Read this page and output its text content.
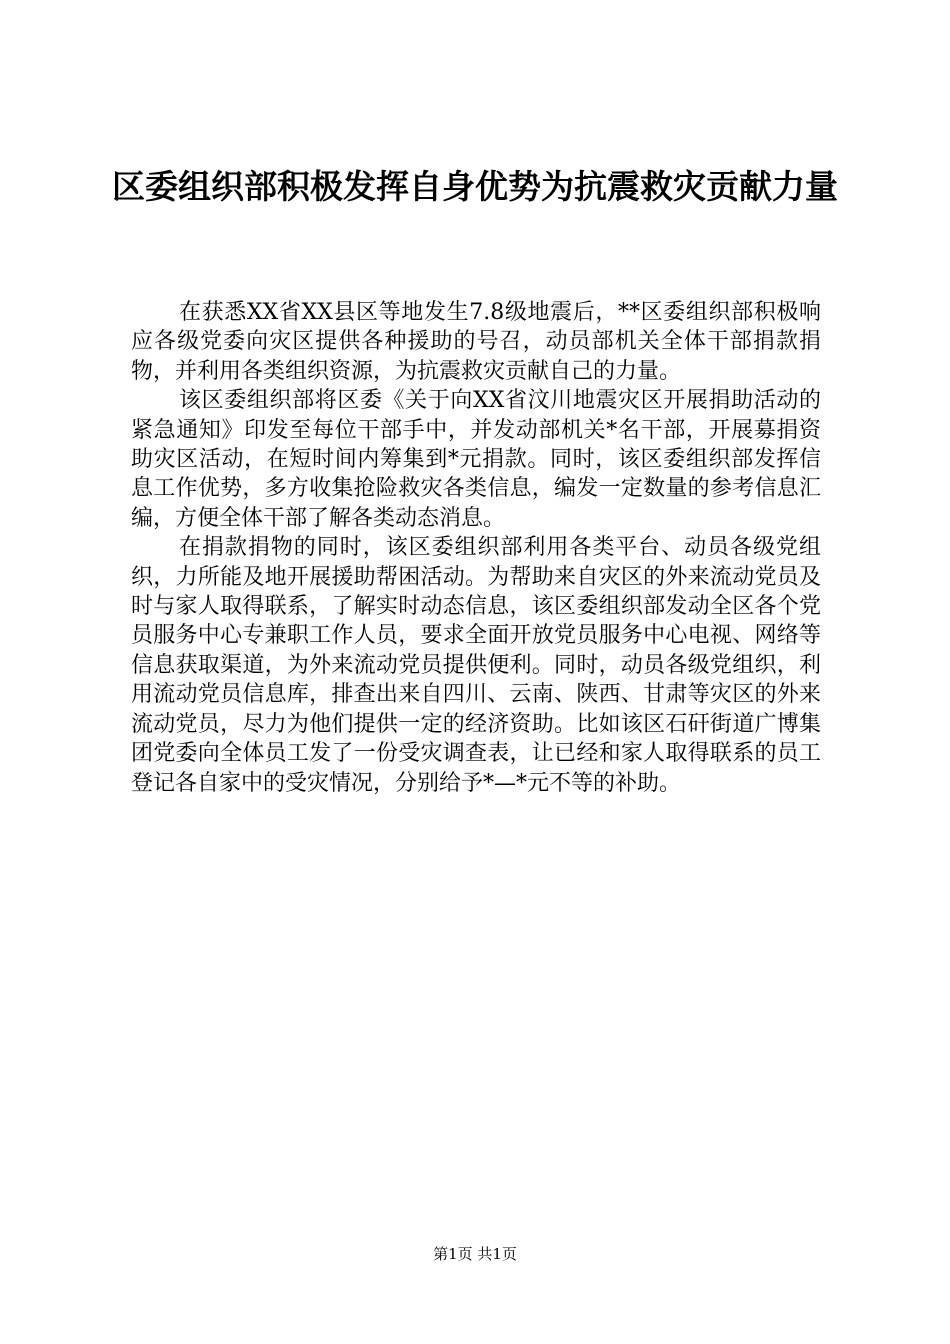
区委组织部积极发挥自身优势为抗震救灾贡献力量

在获悉XX省XX县区等地发生7.8级地震后，**区委组织部积极响应各级党委向灾区提供各种援助的号召，动员部机关全体干部捐款捐物，并利用各类组织资源，为抗震救灾贡献自己的力量。

该区委组织部将区委《关于向XX省汶川地震灾区开展捐助活动的紧急通知》印发至每位干部手中，并发动部机关*名干部，开展募捐资助灾区活动，在短时间内筹集到*元捐款。同时，该区委组织部发挥信息工作优势，多方收集抢险救灾各类信息，编发一定数量的参考信息汇编，方便全体干部了解各类动态消息。

在捐款捐物的同时，该区委组织部利用各类平台、动员各级党组织，力所能及地开展援助帮困活动。为帮助来自灾区的外来流动党员及时与家人取得联系，了解实时动态信息，该区委组织部发动全区各个党员服务中心专兼职工作人员，要求全面开放党员服务中心电视、网络等信息获取渠道，为外来流动党员提供便利。同时，动员各级党组织，利用流动党员信息库，排查出来自四川、云南、陕西、甘肃等灾区的外来流动党员，尽力为他们提供一定的经济资助。比如该区石矸街道广博集团党委向全体员工发了一份受灾调查表，让已经和家人取得联系的员工登记各自家中的受灾情况，分别给予*—*元不等的补助。

第1页 共1页
